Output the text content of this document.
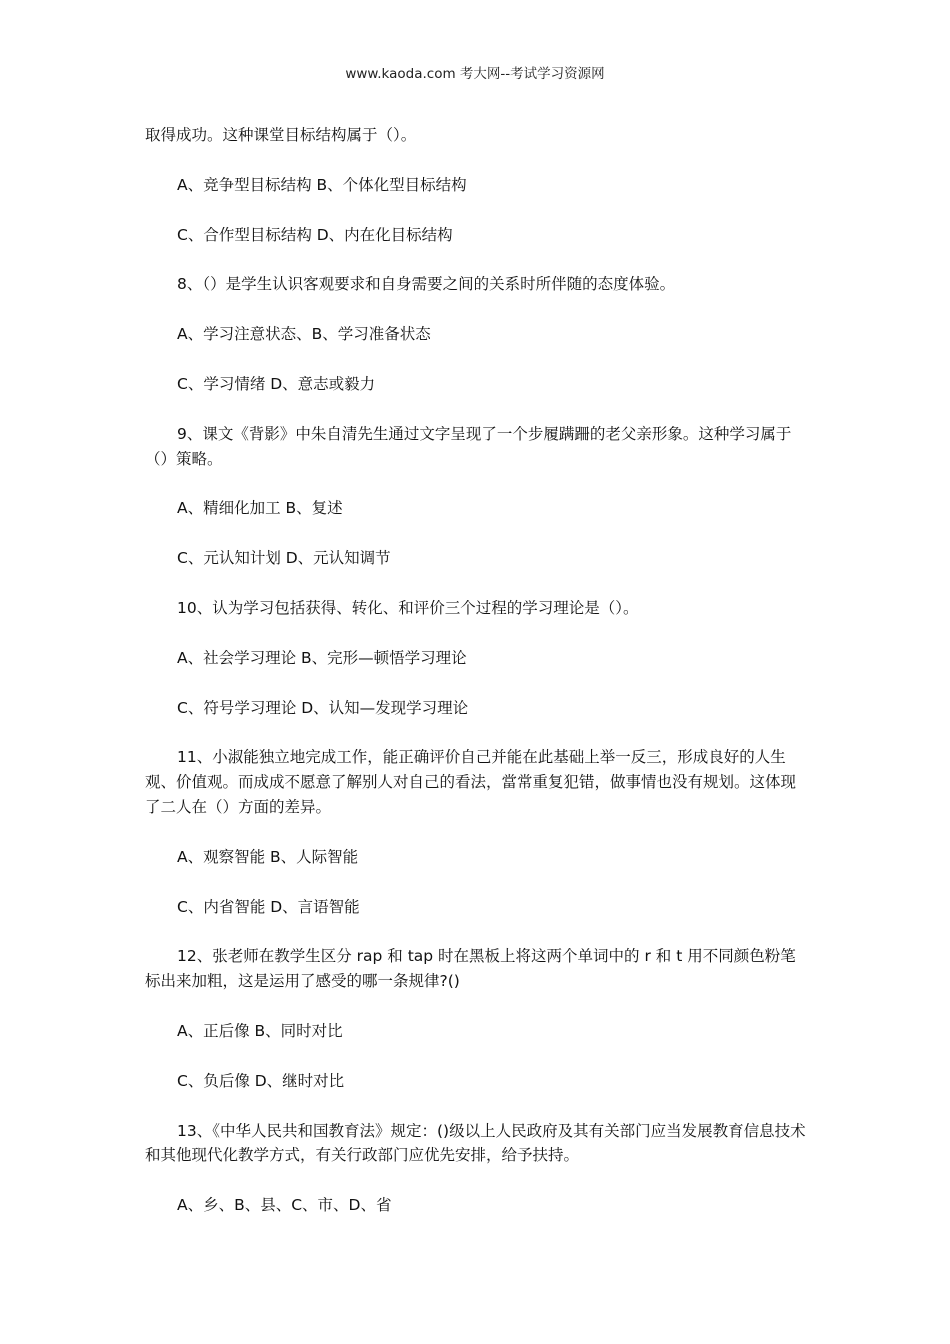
www.kaoda.com 考大网--考试学习资源网

取得成功。这种课堂目标结构属于（）。

A、竞争型目标结构 B、个体化型目标结构

C、合作型目标结构 D、内在化目标结构

8、（）是学生认识客观要求和自身需要之间的关系时所伴随的态度体验。

A、学习注意状态、B、学习准备状态

C、学习情绪 D、意志或毅力

9、课文《背影》中朱自清先生通过文字呈现了一个步履蹒跚的老父亲形象。这种学习属于（）策略。

A、精细化加工 B、复述

C、元认知计划 D、元认知调节

10、认为学习包括获得、转化、和评价三个过程的学习理论是（）。

A、社会学习理论 B、完形—顿悟学习理论

C、符号学习理论 D、认知—发现学习理论

11、小淑能独立地完成工作，能正确评价自己并能在此基础上举一反三，形成良好的人生观、价值观。而成成不愿意了解别人对自己的看法，當常重复犯错，做事情也没有规划。这体现了二人在（）方面的差异。

A、观察智能 B、人际智能

C、内省智能 D、言语智能

12、张老师在教学生区分 rap 和 tap 时在黑板上将这两个单词中的 r 和 t 用不同颜色粉笔标出来加粗，这是运用了感受的哪一条规律?()

A、正后像 B、同时对比

C、负后像 D、继时对比

13、《中华人民共和国教育法》规定：()级以上人民政府及其有关部门应当发展教育信息技术和其他现代化教学方式，有关行政部门应优先安排，给予扶持。

A、乡、B、县、C、市、D、省
